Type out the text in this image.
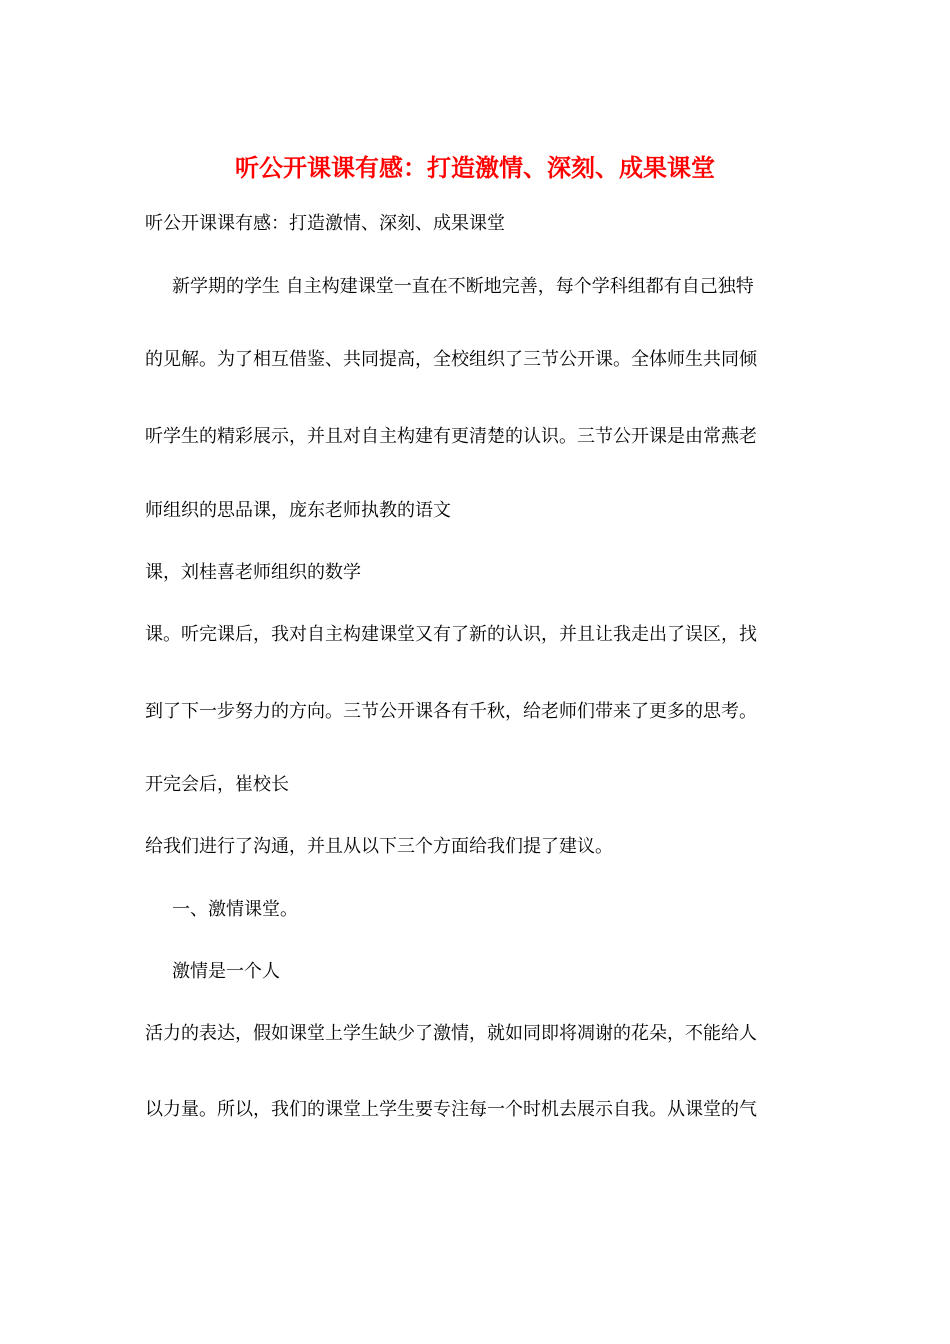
听公开课课有感：打造激情、深刻、成果课堂
听公开课课有感：打造激情、深刻、成果课堂
新学期的学生 自主构建课堂一直在不断地完善，每个学科组都有自己独特
的见解。为了相互借鉴、共同提高，全校组织了三节公开课。全体师生共同倾
听学生的精彩展示，并且对自主构建有更清楚的认识。三节公开课是由常燕老
师组织的思品课，庞东老师执教的语文
课，刘桂喜老师组织的数学
课。听完课后，我对自主构建课堂又有了新的认识，并且让我走出了误区，找
到了下一步努力的方向。三节公开课各有千秋，给老师们带来了更多的思考。
开完会后，崔校长
给我们进行了沟通，并且从以下三个方面给我们提了建议。
一、激情课堂。
激情是一个人
活力的表达，假如课堂上学生缺少了激情，就如同即将凋谢的花朵，不能给人
以力量。所以，我们的课堂上学生要专注每一个时机去展示自我。从课堂的气
